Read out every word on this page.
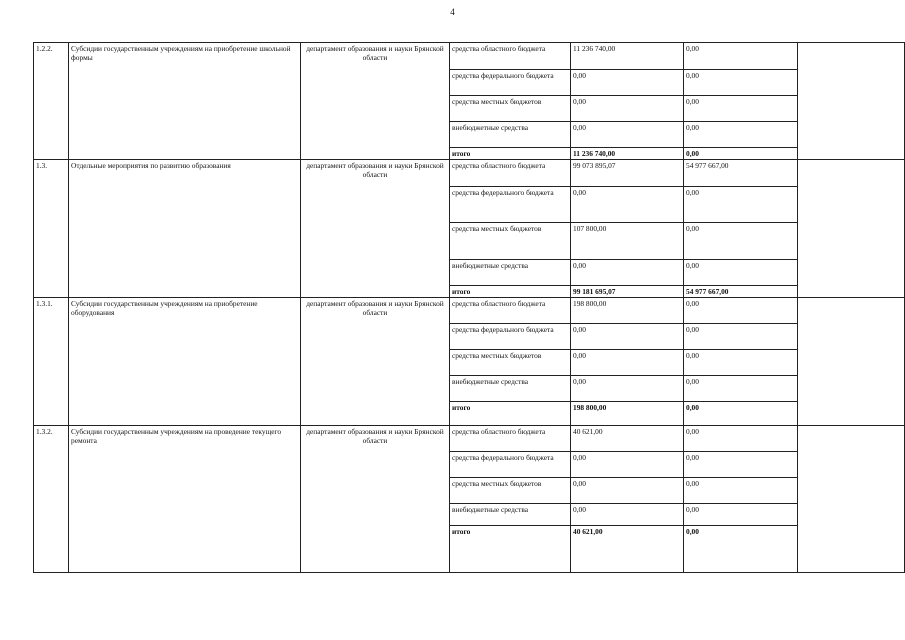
4
1.2.2.	Субсидии государственным учреждениям на приобретение школьной формы	департамент образования и науки Брянской области	средства областного бюджета	11 236 740,00	0,00	
			средства федерального бюджета	0,00	0,00	
			средства местных бюджетов	0,00	0,00	
			внебюджетные средства	0,00	0,00	
			итого	11 236 740,00	0,00	
1.3.	Отдельные мероприятия по развитию образования	департамент образования и науки Брянской области	средства областного бюджета	99 073 895,07	54 977 667,00	
			средства федерального бюджета	0,00	0,00	
			средства местных бюджетов	107 800,00	0,00	
			внебюджетные средства	0,00	0,00	
			итого	99 181 695,07	54 977 667,00	
1.3.1.	Субсидии государственным учреждениям на приобретение оборудования	департамент образования и науки Брянской области	средства областного бюджета	198 800,00	0,00	
			средства федерального бюджета	0,00	0,00	
			средства местных бюджетов	0,00	0,00	
			внебюджетные средства	0,00	0,00	
			итого	198 800,00	0,00	
1.3.2.	Субсидии государственным учреждениям на проведение текущего ремонта	департамент образования и науки Брянской области	средства областного бюджета	40 621,00	0,00	
			средства федерального бюджета	0,00	0,00	
			средства местных бюджетов	0,00	0,00	
			внебюджетные средства	0,00	0,00	
			итого	40 621,00	0,00	
